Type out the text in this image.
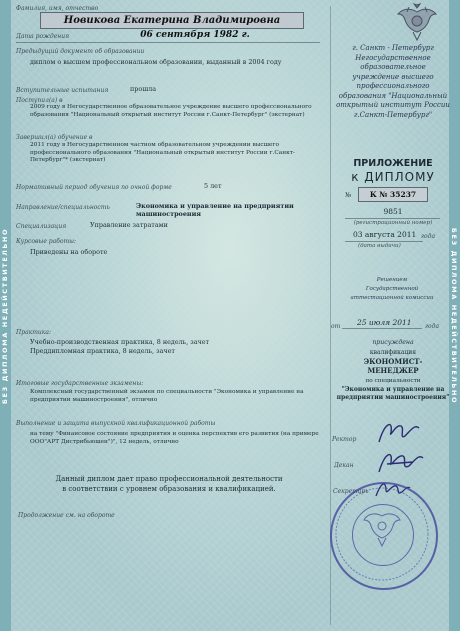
БЕЗ ДИПЛОМА НЕДЕЙСТВИТЕЛЬНО	БЕЗ ДИПЛОМА НЕДЕЙСТВИТЕЛЬНО
Фамилия, имя, отчество
Новикова Екатерина Владимировна
Дата рождения	06 сентября 1982 г.
Предыдущий документ об образовании
диплом о высшем профессиональном образовании, выданный в 2004 году
Вступительные испытания	прошла
Поступил(а) в
2009 году в Негосударственное образовательное учреждение высшего профессионального образования "Национальный открытый институт России г.Санкт-Петербург" (экстернат)
Завершил(а) обучение в
2011 году в Негосударственном частном образовательном учреждении высшего профессионального образования "Национальный открытый институт России г.Санкт-Петербург"* (экстернат)
Нормативный период обучения по очной форме	5 лет
Направление/специальность	Экономика и управление на предприятии машиностроения
Специализация	Управление затратами
Курсовые работы:
Приведены на обороте
Практика:
Учебно-производственная практика, 8 недель, зачет
Преддипломная практика, 8 недель, зачет
Итоговые государственные экзамены:
Комплексный государственный экзамен по специальности "Экономика и управление на предприятии машиностроения", отлично
Выполнение и защита выпускной квалификационной работы
на тему "Финансовое состояние предприятия и оценка перспектив его развития (на примере ООО"АРТ Дистрибьюшен")", 12 недель, отлично
Данный диплом дает право профессиональной деятельности
в соответствии с уровнем образования и квалификацией.
Продолжение см. на обороте
г. Санкт - Петербург Негосударственное образовательное учреждение высшего профессионального образования "Национальный открытый институт России г.Санкт-Петербург"
ПРИЛОЖЕНИЕ
к ДИПЛОМУ
№	К № 35237
9851
(регистрационный номер)
03 августа 2011 года
(дата выдачи)
Решением Государственной аттестационной комиссии
от 25 июля 2011 года
присуждена
квалификация
ЭКОНОМИСТ-МЕНЕДЖЕР
по специальности
"Экономика и управление на предприятии машиностроения"
Ректор
Декан
Секретарь
